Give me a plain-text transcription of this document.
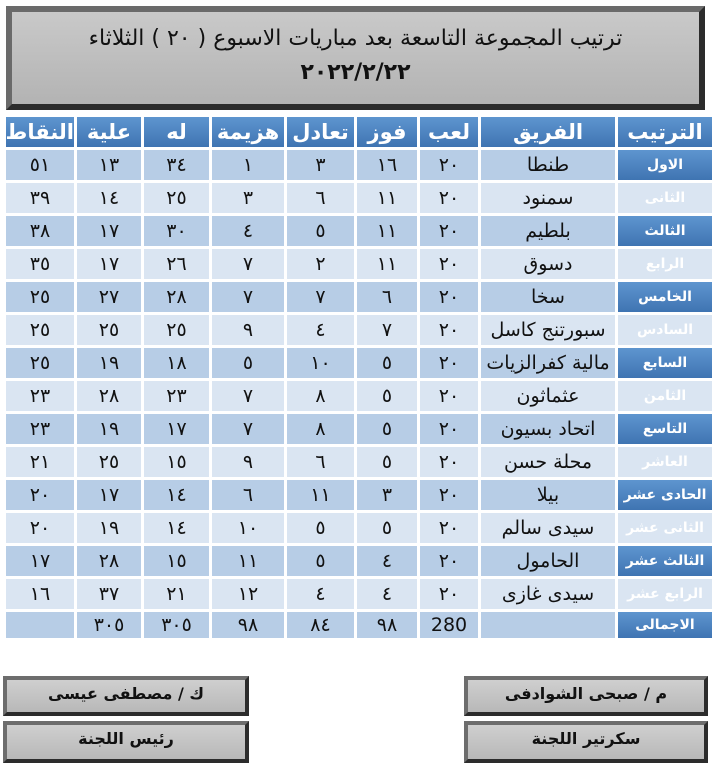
ترتيب المجموعة التاسعة بعد مباريات الاسبوع ( ٢٠ ) الثلاثاء
٢٠٢٢/٢/٢٢
الترتيب	الفريق	لعب	فوز	تعادل	هزيمة	له	علية	النقاط
الاول	طنطا	٢٠	١٦	٣	١	٣٤	١٣	٥١
الثانى	سمنود	٢٠	١١	٦	٣	٢٥	١٤	٣٩
الثالث	بلطيم	٢٠	١١	٥	٤	٣٠	١٧	٣٨
الرابع	دسوق	٢٠	١١	٢	٧	٢٦	١٧	٣٥
الخامس	سخا	٢٠	٦	٧	٧	٢٨	٢٧	٢٥
السادس	سبورتنج كاسل	٢٠	٧	٤	٩	٢٥	٢٥	٢٥
السابع	مالية كفرالزيات	٢٠	٥	١٠	٥	١٨	١٩	٢٥
الثامن	عثماثون	٢٠	٥	٨	٧	٢٣	٢٨	٢٣
التاسع	اتحاد بسيون	٢٠	٥	٨	٧	١٧	١٩	٢٣
العاشر	محلة حسن	٢٠	٥	٦	٩	١٥	٢٥	٢١
الحادى عشر	بيلا	٢٠	٣	١١	٦	١٤	١٧	٢٠
الثانى عشر	سيدى سالم	٢٠	٥	٥	١٠	١٤	١٩	٢٠
الثالث عشر	الحامول	٢٠	٤	٥	١١	١٥	٢٨	١٧
الرابع عشر	سيدى غازى	٢٠	٤	٤	١٢	٢١	٣٧	١٦
الاجمالى		280	٩٨	٨٤	٩٨	٣٠٥	٣٠٥	
م / صبحى الشوادفى
سكرتير اللجنة
ك / مصطفى عيسى
رئيس اللجنة
